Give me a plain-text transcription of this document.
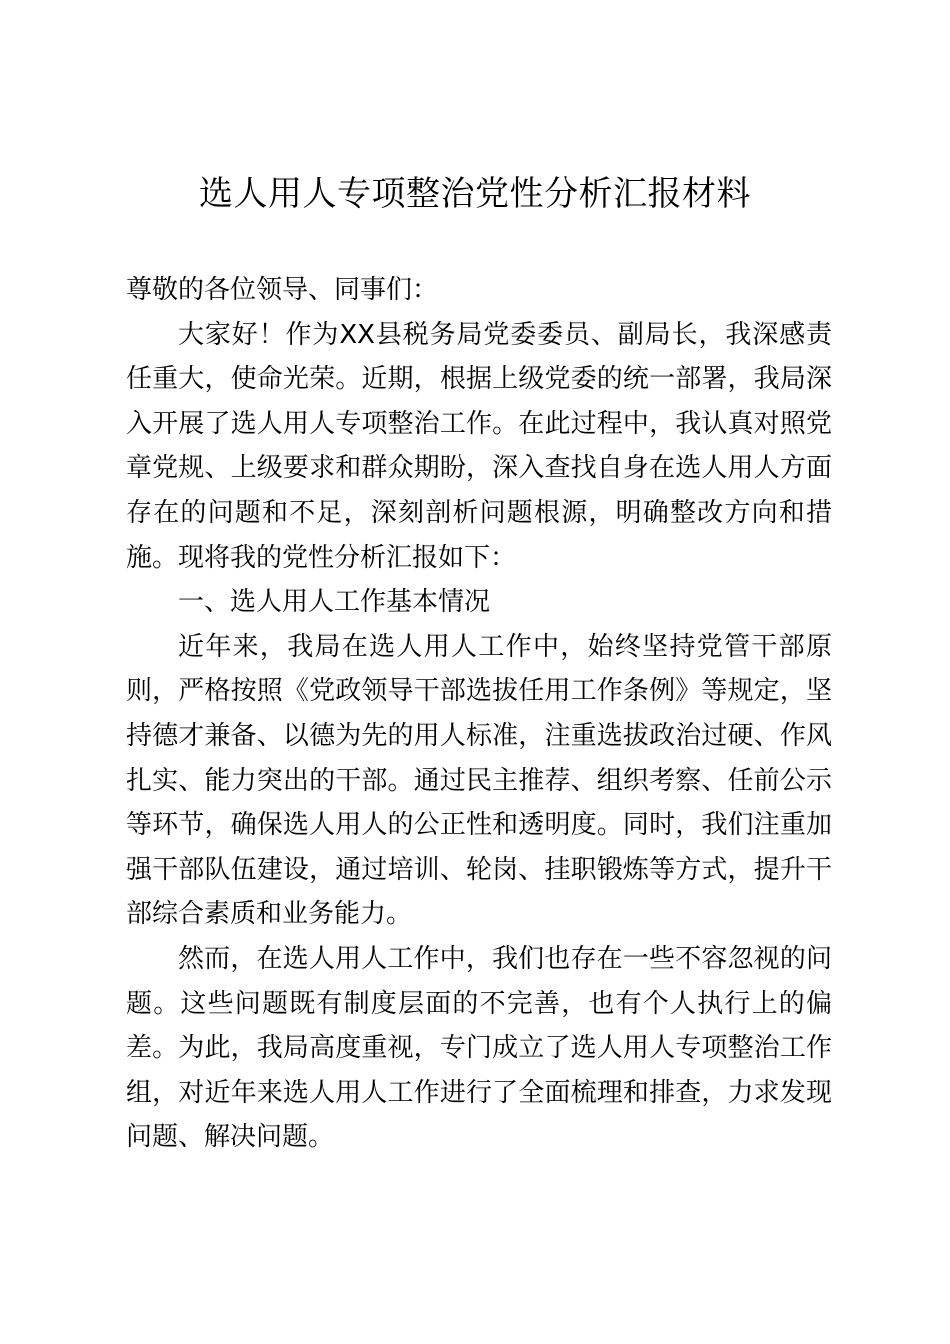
选人用人专项整治党性分析汇报材料

尊敬的各位领导、同事们：

大家好！作为XX县税务局党委委员、副局长，我深感责任重大，使命光荣。近期，根据上级党委的统一部署，我局深入开展了选人用人专项整治工作。在此过程中，我认真对照党章党规、上级要求和群众期盼，深入查找自身在选人用人方面存在的问题和不足，深刻剖析问题根源，明确整改方向和措施。现将我的党性分析汇报如下：

一、选人用人工作基本情况

近年来，我局在选人用人工作中，始终坚持党管干部原则，严格按照《党政领导干部选拔任用工作条例》等规定，坚持德才兼备、以德为先的用人标准，注重选拔政治过硬、作风扎实、能力突出的干部。通过民主推荐、组织考察、任前公示等环节，确保选人用人的公正性和透明度。同时，我们注重加强干部队伍建设，通过培训、轮岗、挂职锻炼等方式，提升干部综合素质和业务能力。

然而，在选人用人工作中，我们也存在一些不容忽视的问题。这些问题既有制度层面的不完善，也有个人执行上的偏差。为此，我局高度重视，专门成立了选人用人专项整治工作组，对近年来选人用人工作进行了全面梳理和排查，力求发现问题、解决问题。
